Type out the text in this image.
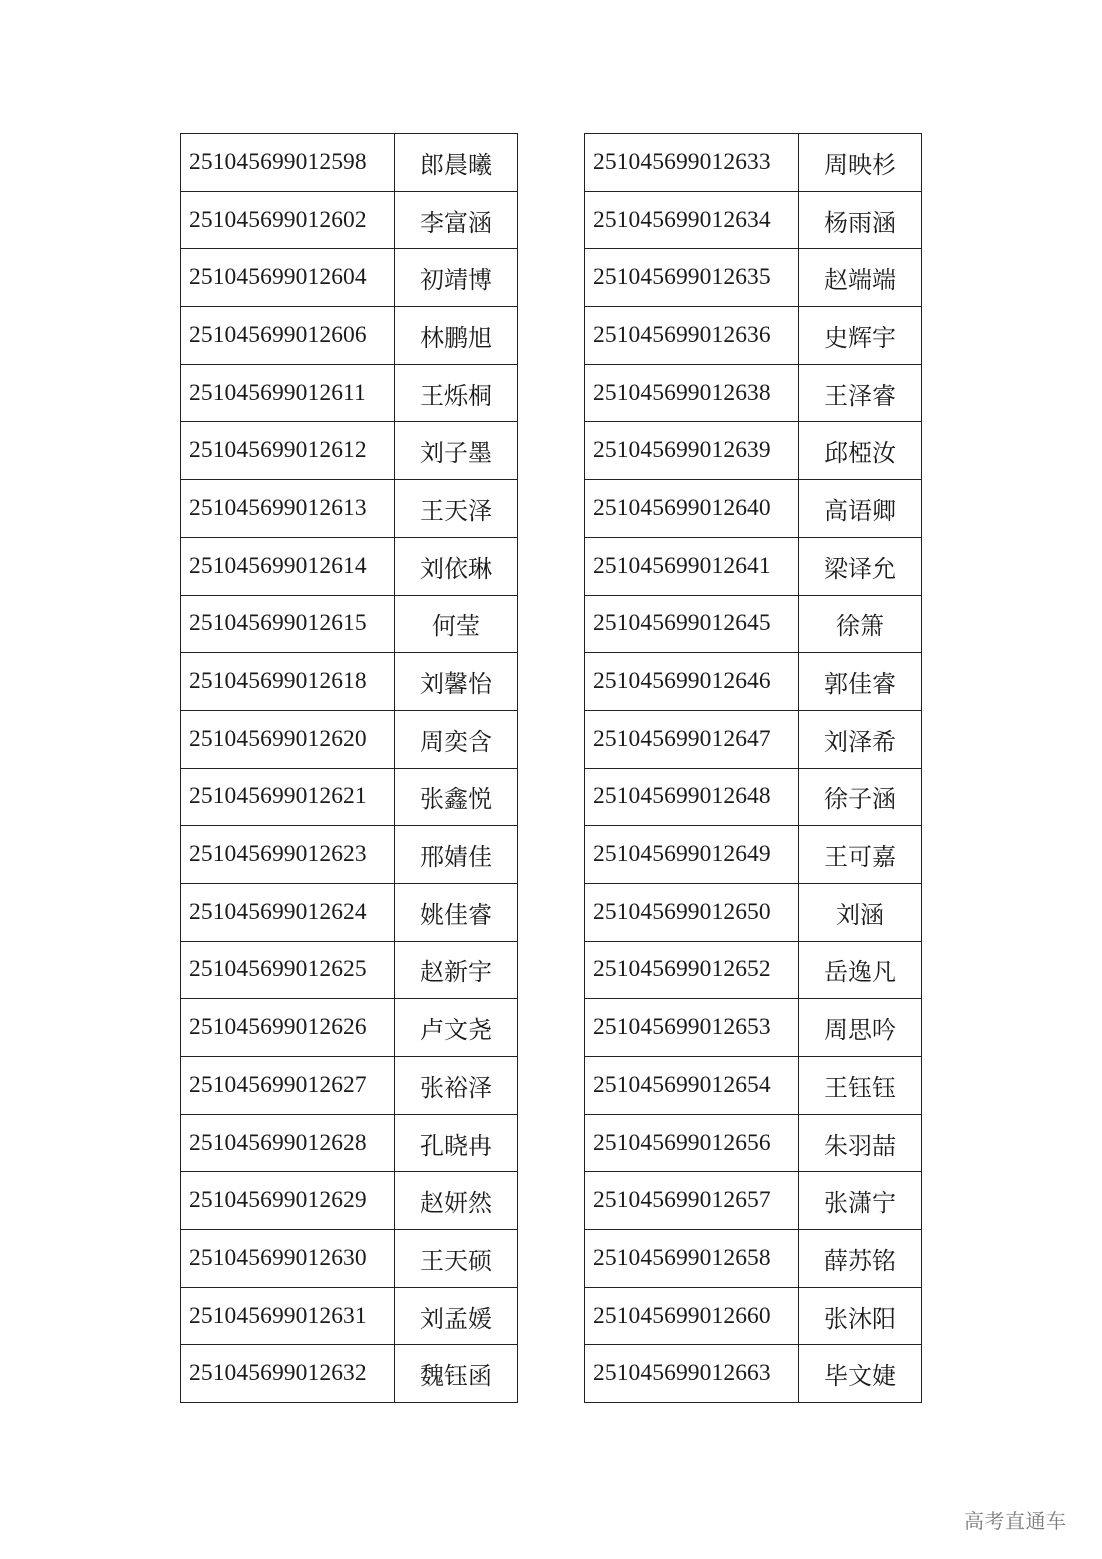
251045699012598	郎晨曦
251045699012602	李富涵
251045699012604	初靖博
251045699012606	林鹏旭
251045699012611	王烁桐
251045699012612	刘子墨
251045699012613	王天泽
251045699012614	刘依琳
251045699012615	何莹
251045699012618	刘馨怡
251045699012620	周奕含
251045699012621	张鑫悦
251045699012623	邢婧佳
251045699012624	姚佳睿
251045699012625	赵新宇
251045699012626	卢文尧
251045699012627	张裕泽
251045699012628	孔晓冉
251045699012629	赵妍然
251045699012630	王天硕
251045699012631	刘孟媛
251045699012632	魏钰函
251045699012633	周映杉
251045699012634	杨雨涵
251045699012635	赵端端
251045699012636	史辉宇
251045699012638	王泽睿
251045699012639	邱椏汝
251045699012640	高语卿
251045699012641	梁译允
251045699012645	徐箫
251045699012646	郭佳睿
251045699012647	刘泽希
251045699012648	徐子涵
251045699012649	王可嘉
251045699012650	刘涵
251045699012652	岳逸凡
251045699012653	周思吟
251045699012654	王钰钰
251045699012656	朱羽喆
251045699012657	张潇宁
251045699012658	薛苏铭
251045699012660	张沐阳
251045699012663	毕文婕
高考直通车
